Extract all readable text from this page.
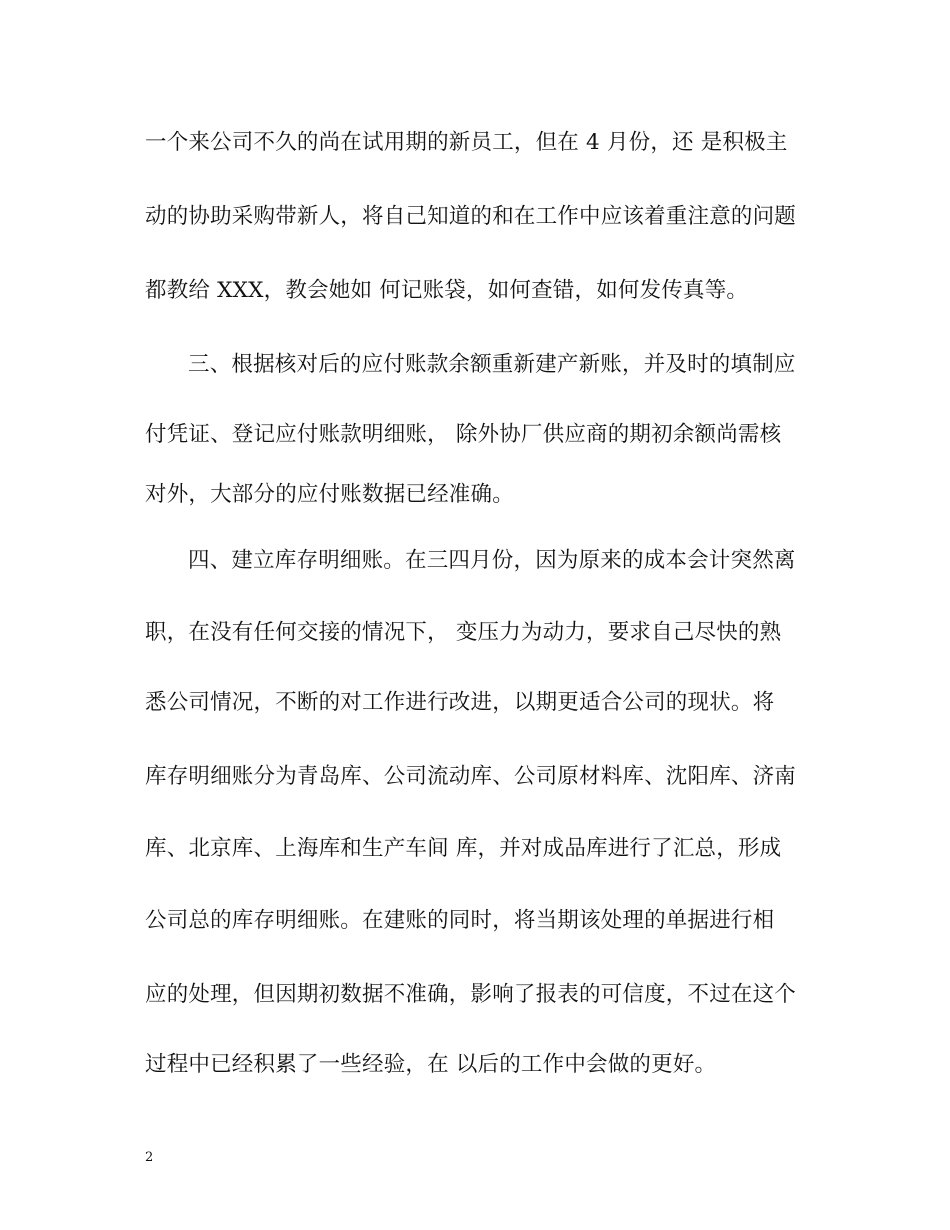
一个来公司不久的尚在试用期的新员工，但在 4 月份，还 是积极主
动的协助采购带新人，将自己知道的和在工作中应该着重注意的问题
都教给 XXX，教会她如 何记账袋，如何查错，如何发传真等。
三、根据核对后的应付账款余额重新建产新账，并及时的填制应
付凭证、登记应付账款明细账， 除外协厂供应商的期初余额尚需核
对外，大部分的应付账数据已经准确。
四、建立库存明细账。在三四月份，因为原来的成本会计突然离
职，在没有任何交接的情况下， 变压力为动力，要求自己尽快的熟
悉公司情况，不断的对工作进行改进，以期更适合公司的现状。将
库存明细账分为青岛库、公司流动库、公司原材料库、沈阳库、济南
库、北京库、上海库和生产车间 库，并对成品库进行了汇总，形成
公司总的库存明细账。在建账的同时，将当期该处理的单据进行相
应的处理，但因期初数据不准确，影响了报表的可信度，不过在这个
过程中已经积累了一些经验，在 以后的工作中会做的更好。
2
